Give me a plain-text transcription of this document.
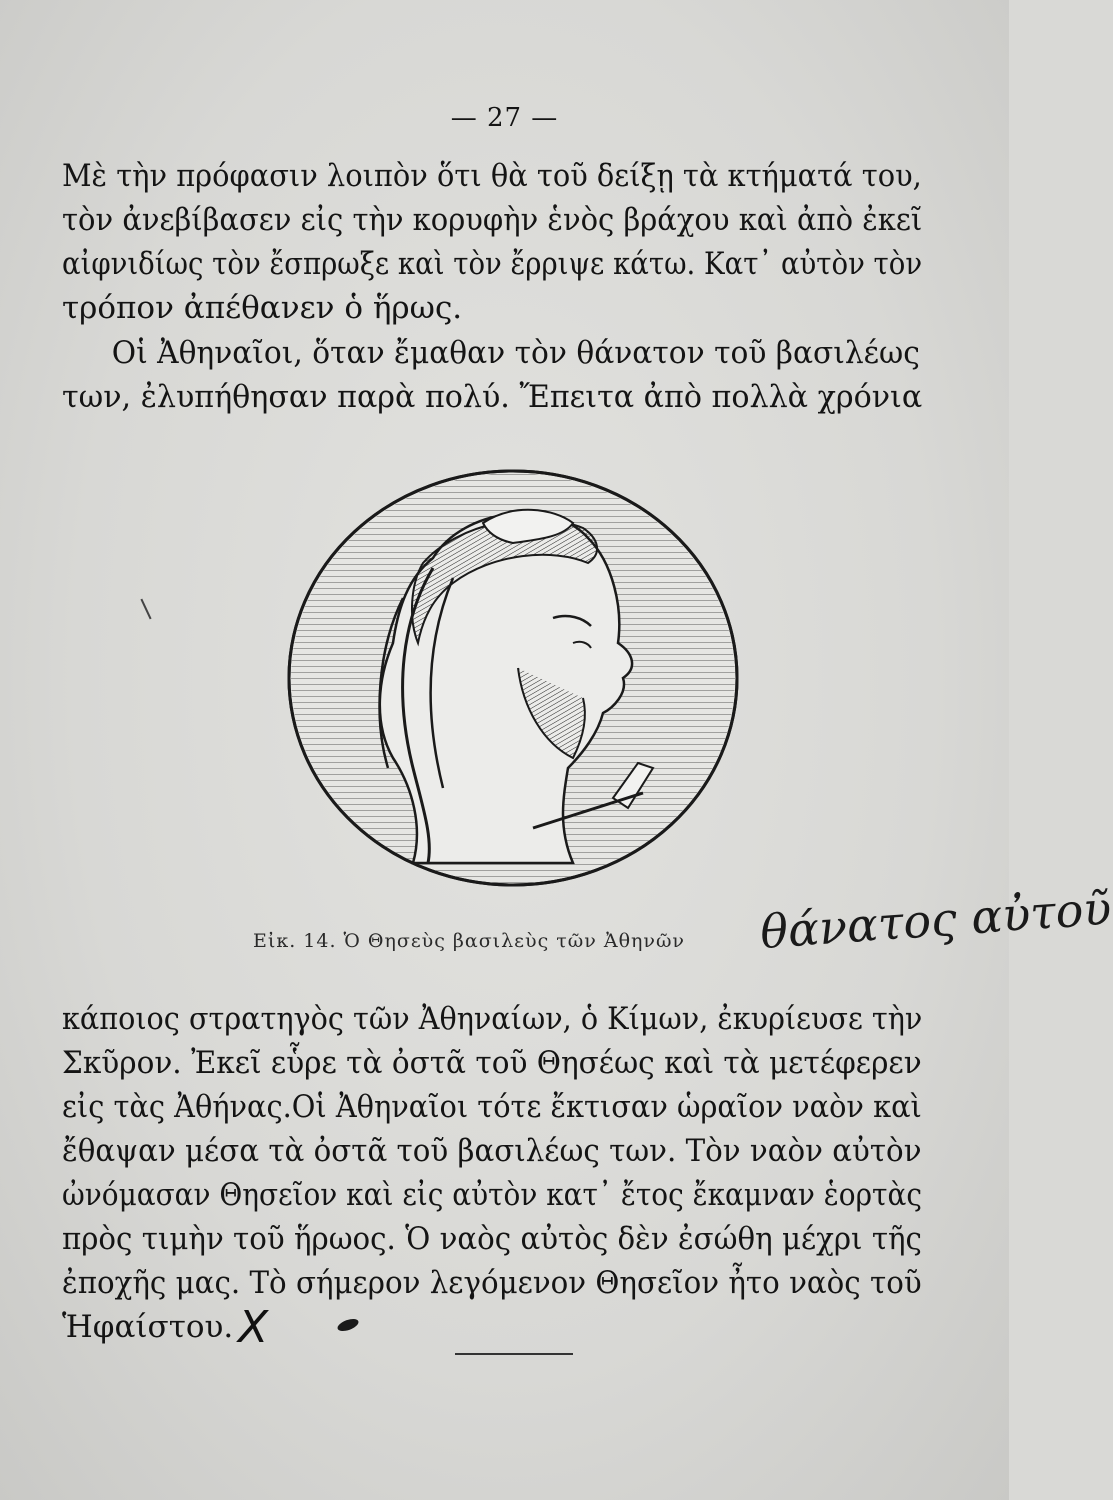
— 27 —

Μὲ τὴν πρόφασιν λοιπὸν ὅτι θὰ τοῦ δείξῃ τὰ κτήματά του,
τὸν ἀνεβίβασεν εἰς τὴν κορυφὴν ἑνὸς βράχου καὶ ἀπὸ ἐκεῖ
αἰφνιδίως τὸν ἔσπρωξε καὶ τὸν ἔρριψε κάτω. Κατ᾿ αὐτὸν τὸν
τρόπον ἀπέθανεν ὁ ἥρως.

Οἱ Ἀθηναῖοι, ὅταν ἔμαθαν τὸν θάνατον τοῦ βασιλέως
των, ἐλυπήθησαν παρὰ πολύ. Ἔπειτα ἀπὸ πολλὰ χρόνια

Εἰκ. 14. Ὁ Θησεὺς βασιλεὺς τῶν Ἀθηνῶν θάνατος αὐτοῦ

κάποιος στρατηγὸς τῶν Ἀθηναίων, ὁ Κίμων, ἐκυρίευσε τὴν
Σκῦρον. Ἐκεῖ εὗρε τὰ ὀστᾶ τοῦ Θησέως καὶ τὰ μετέφερεν
εἰς τὰς Ἀθήνας.Οἱ Ἀθηναῖοι τότε ἔκτισαν ὡραῖον ναὸν καὶ
ἔθαψαν μέσα τὰ ὀστᾶ τοῦ βασιλέως των. Τὸν ναὸν αὐτὸν
ὠνόμασαν Θησεῖον καὶ εἰς αὐτὸν κατ᾿ ἔτος ἔκαμναν ἑορτὰς
πρὸς τιμὴν τοῦ ἥρωος. Ὁ ναὸς αὐτὸς δὲν ἐσώθη μέχρι τῆς
ἐποχῆς μας. Τὸ σήμερον λεγόμενον Θησεῖον ἦτο ναὸς τοῦ
Ἡφαίστου. X
